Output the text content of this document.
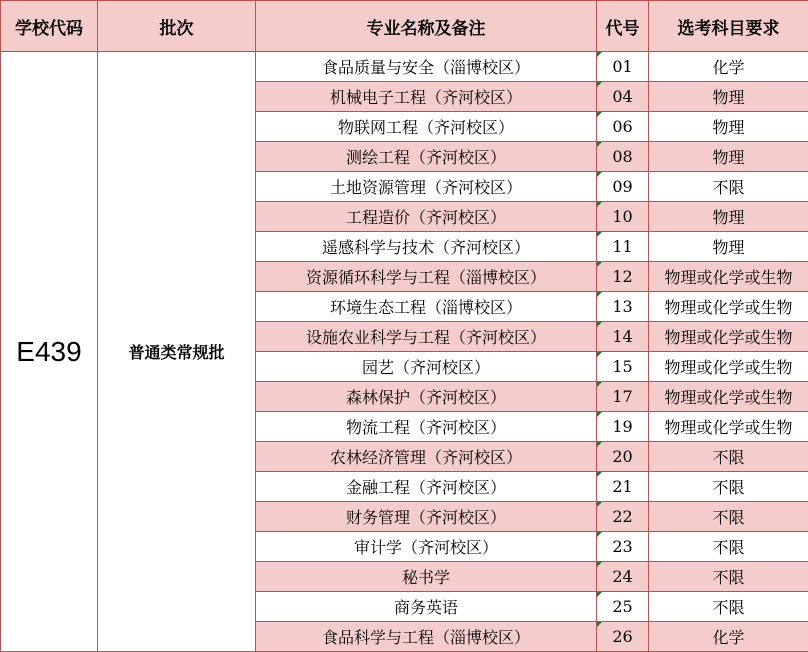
学校代码	批次	专业名称及备注	代号	选考科目要求
E439	普通类常规批	食品质量与安全（淄博校区）	01	化学
		机械电子工程（齐河校区）	04	物理
		物联网工程（齐河校区）	06	物理
		测绘工程（齐河校区）	08	物理
		土地资源管理（齐河校区）	09	不限
		工程造价（齐河校区）	10	物理
		遥感科学与技术（齐河校区）	11	物理
		资源循环科学与工程（淄博校区）	12	物理或化学或生物
		环境生态工程（淄博校区）	13	物理或化学或生物
		设施农业科学与工程（齐河校区）	14	物理或化学或生物
		园艺（齐河校区）	15	物理或化学或生物
		森林保护（齐河校区）	17	物理或化学或生物
		物流工程（齐河校区）	19	物理或化学或生物
		农林经济管理（齐河校区）	20	不限
		金融工程（齐河校区）	21	不限
		财务管理（齐河校区）	22	不限
		审计学（齐河校区）	23	不限
		秘书学	24	不限
		商务英语	25	不限
		食品科学与工程（淄博校区）	26	化学
